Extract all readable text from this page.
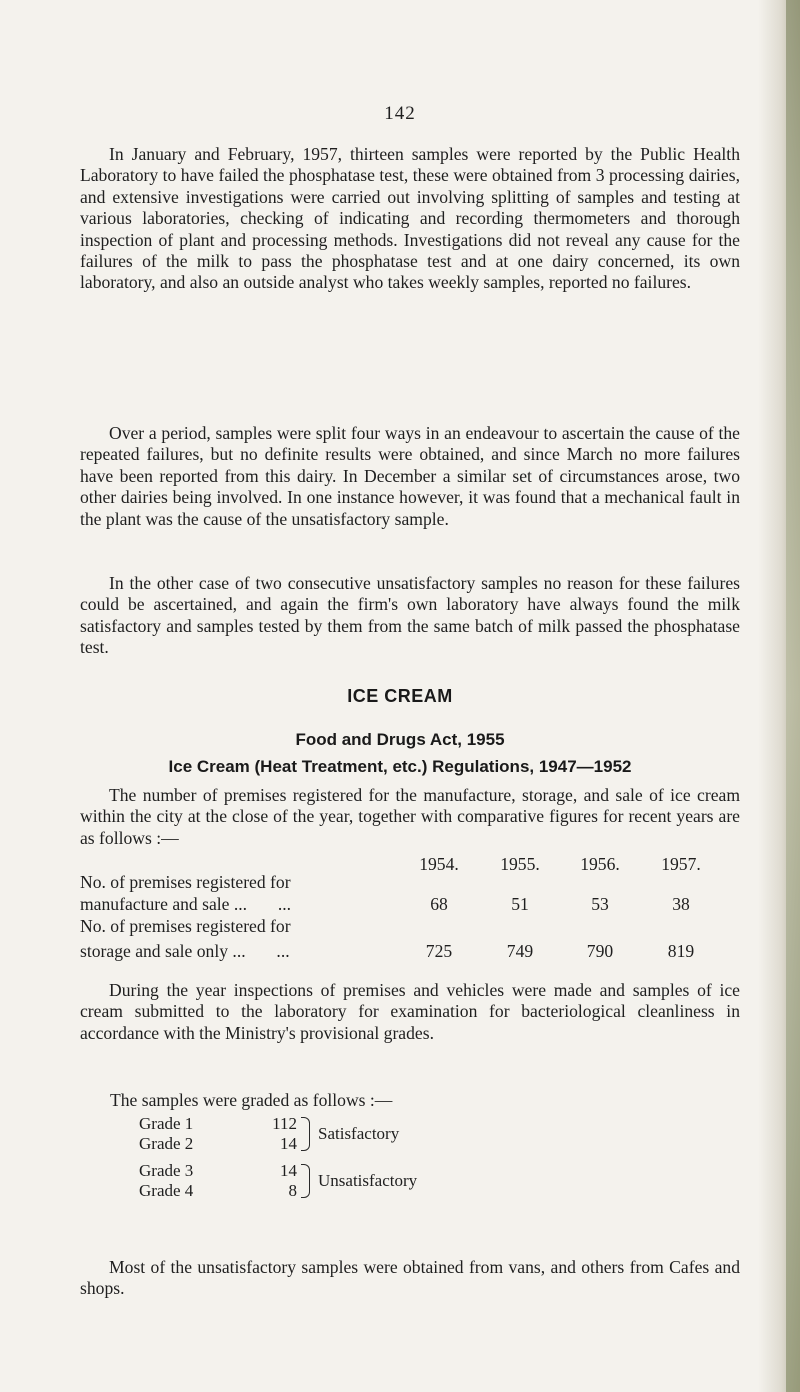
142

In January and February, 1957, thirteen samples were reported by the Public Health Laboratory to have failed the phosphatase test, these were obtained from 3 processing dairies, and extensive investigations were carried out involving splitting of samples and testing at various laboratories, checking of indicating and recording thermometers and thorough inspection of plant and processing methods. Investigations did not reveal any cause for the failures of the milk to pass the phosphatase test and at one dairy concerned, its own laboratory, and also an outside analyst who takes weekly samples, reported no failures.

Over a period, samples were split four ways in an endeavour to ascertain the cause of the repeated failures, but no definite results were obtained, and since March no more failures have been reported from this dairy. In December a similar set of circumstances arose, two other dairies being involved. In one instance however, it was found that a mechanical fault in the plant was the cause of the unsatisfactory sample.

In the other case of two consecutive unsatisfactory samples no reason for these failures could be ascertained, and again the firm's own laboratory have always found the milk satisfactory and samples tested by them from the same batch of milk passed the phosphatase test.

ICE CREAM
Food and Drugs Act, 1955
Ice Cream (Heat Treatment, etc.) Regulations, 1947—1952

The number of premises registered for the manufacture, storage, and sale of ice cream within the city at the close of the year, together with comparative figures for recent years are as follows :—

1954.	1955.	1956.	1957.
No. of premises registered for
manufacture and sale ...       ...	68	51	53	38
No. of premises registered for
storage and sale only ...       ...	725	749	790	819

During the year inspections of premises and vehicles were made and samples of ice cream submitted to the laboratory for examination for bacteriological cleanliness in accordance with the Ministry's provisional grades.

The samples were graded as follows :—

Grade 1	112
Grade 2	14
Satisfactory
Grade 3	14
Grade 4	8
Unsatisfactory

Most of the unsatisfactory samples were obtained from vans, and others from Cafes and shops.
